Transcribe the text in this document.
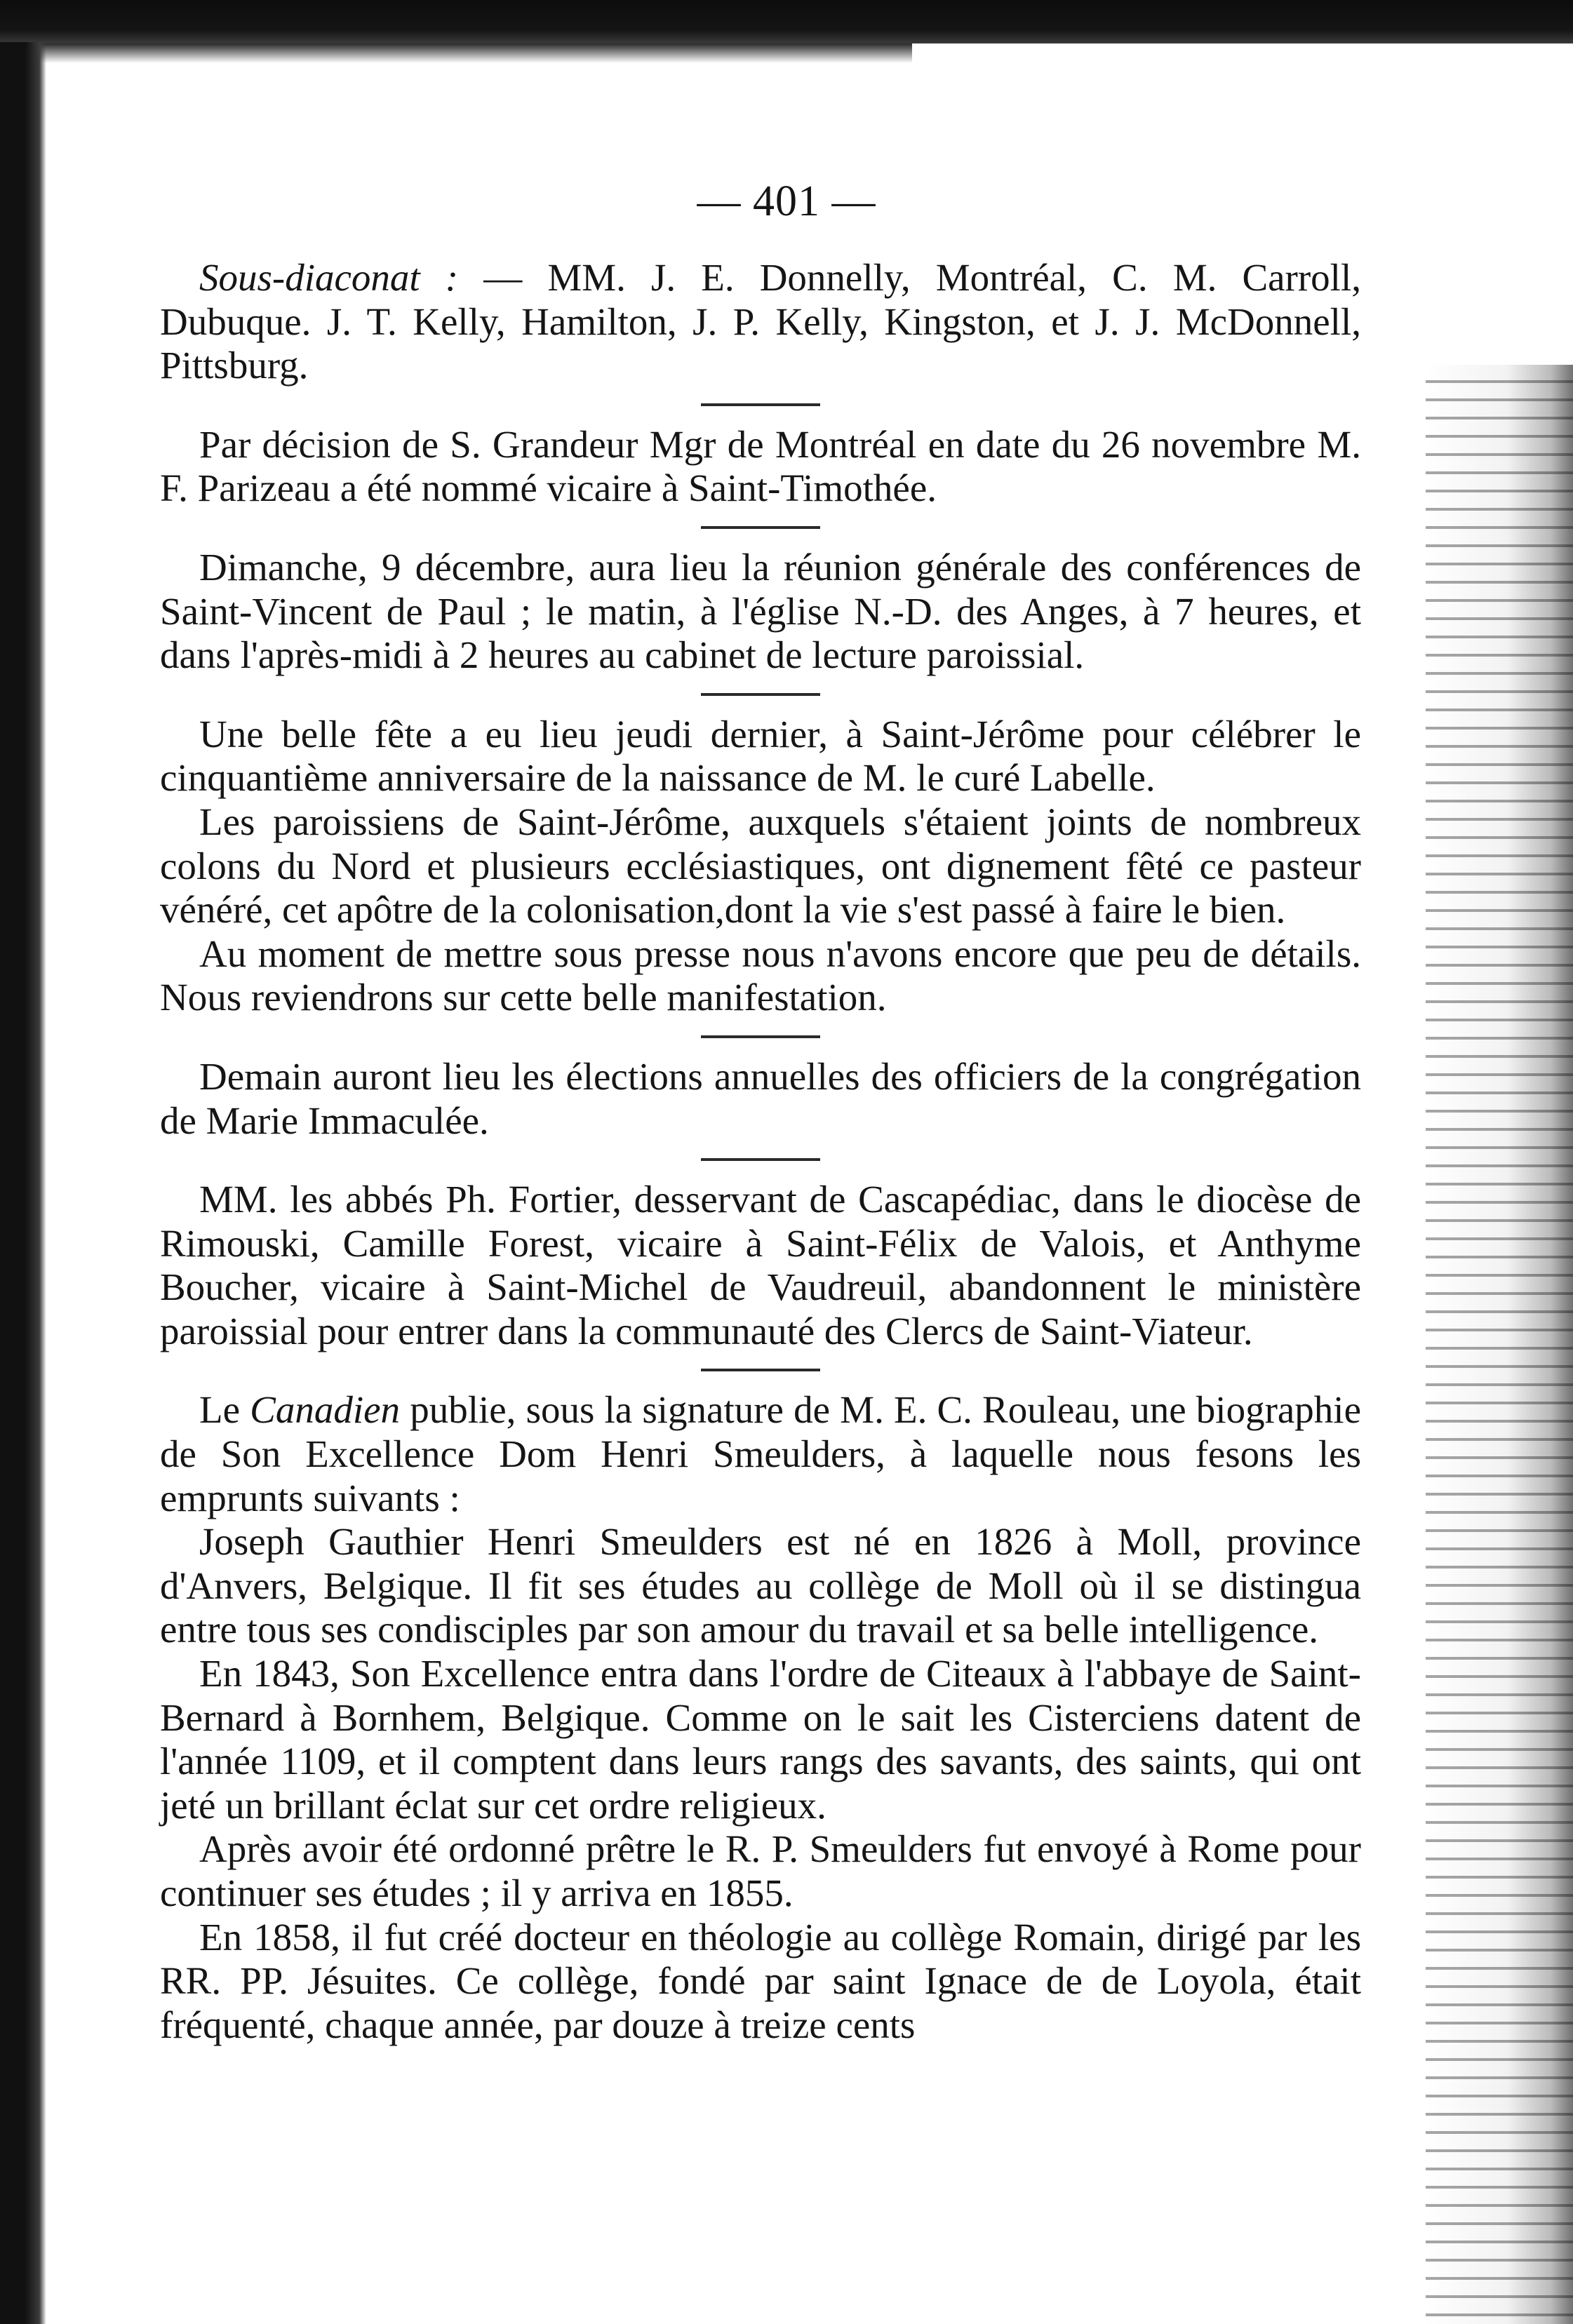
— 401 —

Sous-diaconat : — MM. J. E. Donnelly, Montréal, C. M. Carroll, Dubuque. J. T. Kelly, Hamilton, J. P. Kelly, Kingston, et J. J. McDonnell, Pittsburg.

Par décision de S. Grandeur Mgr de Montréal en date du 26 novembre M. F. Parizeau a été nommé vicaire à Saint-Timothée.

Dimanche, 9 décembre, aura lieu la réunion générale des conférences de Saint-Vincent de Paul ; le matin, à l'église N.-D. des Anges, à 7 heures, et dans l'après-midi à 2 heures au cabinet de lecture paroissial.

Une belle fête a eu lieu jeudi dernier, à Saint-Jérôme pour célébrer le cinquantième anniversaire de la naissance de M. le curé Labelle.

Les paroissiens de Saint-Jérôme, auxquels s'étaient joints de nombreux colons du Nord et plusieurs ecclésiastiques, ont dignement fêté ce pasteur vénéré, cet apôtre de la colonisation,dont la vie s'est passé à faire le bien.

Au moment de mettre sous presse nous n'avons encore que peu de détails. Nous reviendrons sur cette belle manifestation.

Demain auront lieu les élections annuelles des officiers de la congrégation de Marie Immaculée.

MM. les abbés Ph. Fortier, desservant de Cascapédiac, dans le diocèse de Rimouski, Camille Forest, vicaire à Saint-Félix de Valois, et Anthyme Boucher, vicaire à Saint-Michel de Vaudreuil, abandonnent le ministère paroissial pour entrer dans la communauté des Clercs de Saint-Viateur.

Le Canadien publie, sous la signature de M. E. C. Rouleau, une biographie de Son Excellence Dom Henri Smeulders, à laquelle nous fesons les emprunts suivants :

Joseph Gauthier Henri Smeulders est né en 1826 à Moll, province d'Anvers, Belgique. Il fit ses études au collège de Moll où il se distingua entre tous ses condisciples par son amour du travail et sa belle intelligence.

En 1843, Son Excellence entra dans l'ordre de Citeaux à l'abbaye de Saint-Bernard à Bornhem, Belgique. Comme on le sait les Cisterciens datent de l'année 1109, et il comptent dans leurs rangs des savants, des saints, qui ont jeté un brillant éclat sur cet ordre religieux.

Après avoir été ordonné prêtre le R. P. Smeulders fut envoyé à Rome pour continuer ses études ; il y arriva en 1855.

En 1858, il fut créé docteur en théologie au collège Romain, dirigé par les RR. PP. Jésuites. Ce collège, fondé par saint Ignace de de Loyola, était fréquenté, chaque année, par douze à treize cents
